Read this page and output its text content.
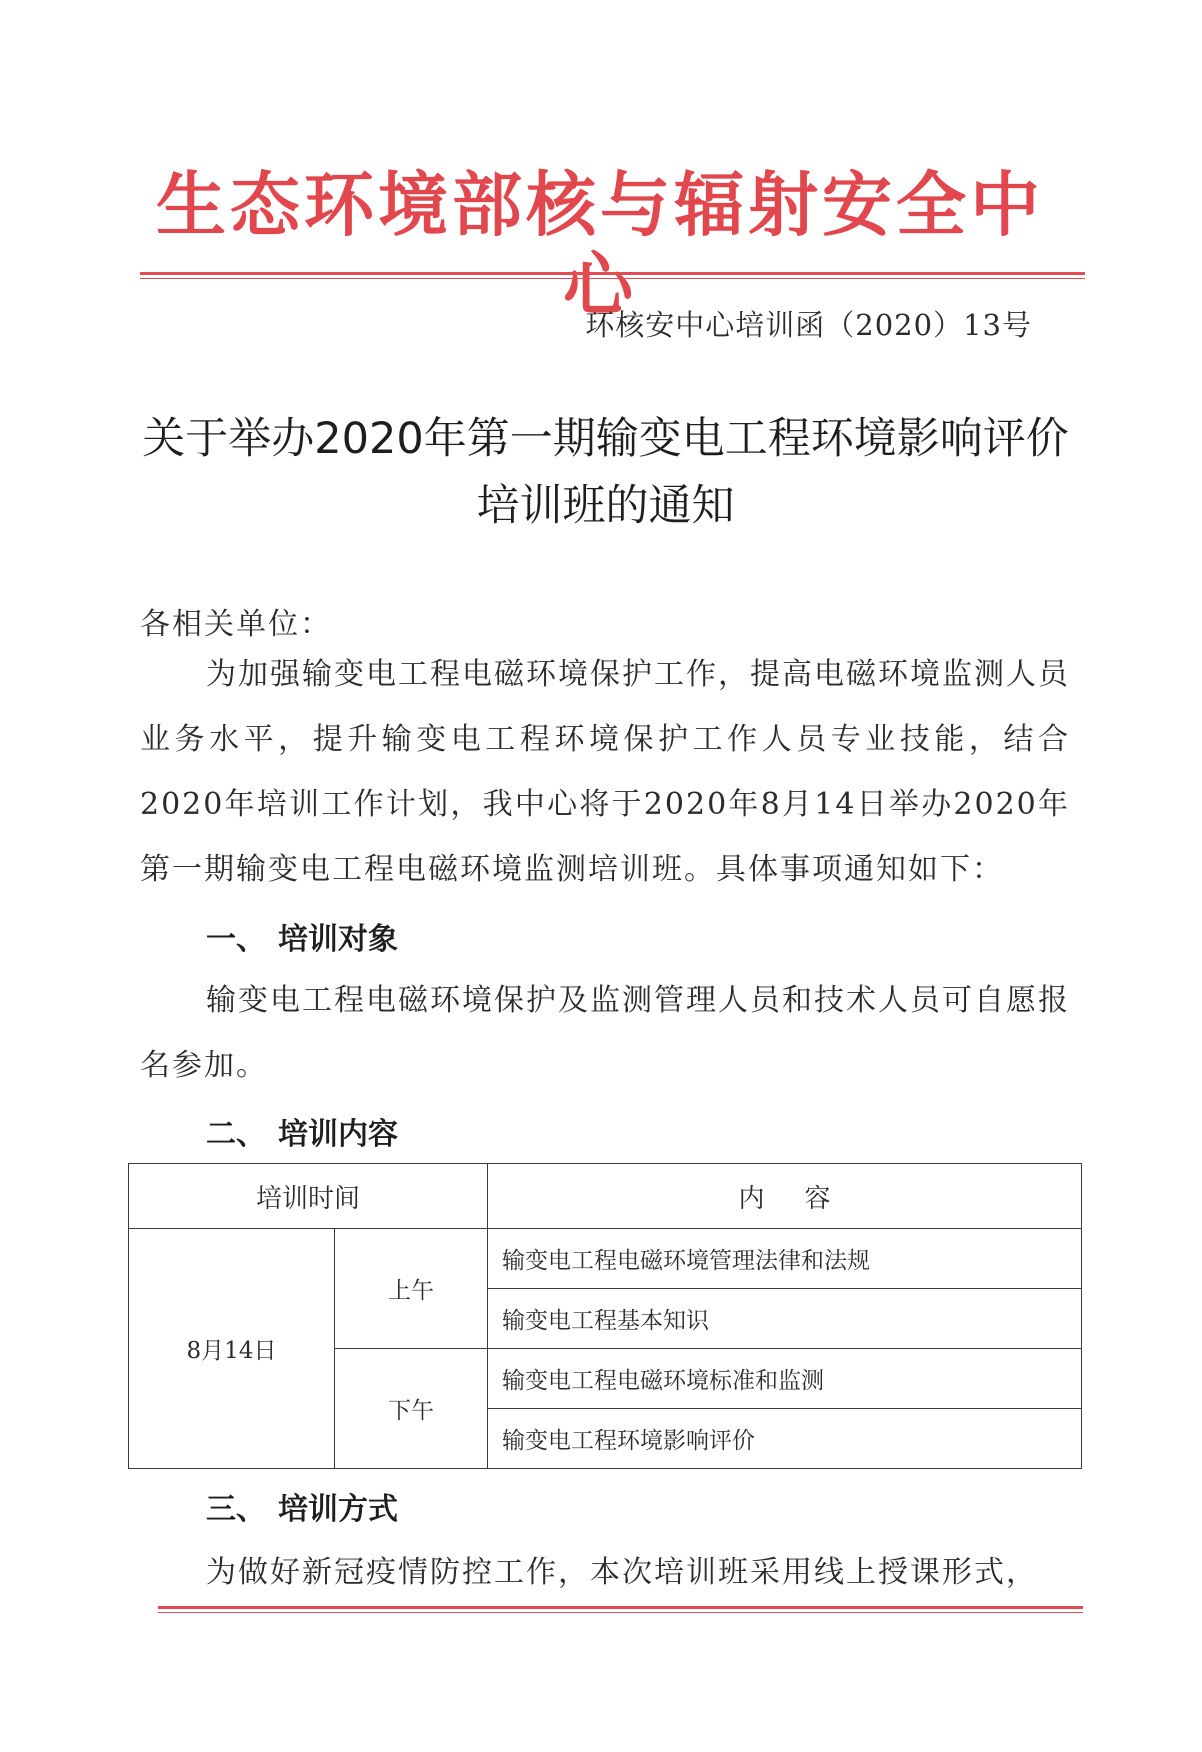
生态环境部核与辐射安全中心
环核安中心培训函（2020）13号
关于举办2020年第一期输变电工程环境影响评价培训班的通知

各相关单位：

为加强输变电工程电磁环境保护工作，提高电磁环境监测人员业务水平，提升输变电工程环境保护工作人员专业技能，结合2020年培训工作计划，我中心将于2020年8月14日举办2020年第一期输变电工程电磁环境监测培训班。具体事项通知如下：

一、 培训对象

输变电工程电磁环境保护及监测管理人员和技术人员可自愿报名参加。

二、 培训内容
培训时间		内容
8月14日	上午	输变电工程电磁环境管理法律和法规
		输变电工程基本知识
	下午	输变电工程电磁环境标准和监测
		输变电工程环境影响评价
三、 培训方式

为做好新冠疫情防控工作，本次培训班采用线上授课形式，
